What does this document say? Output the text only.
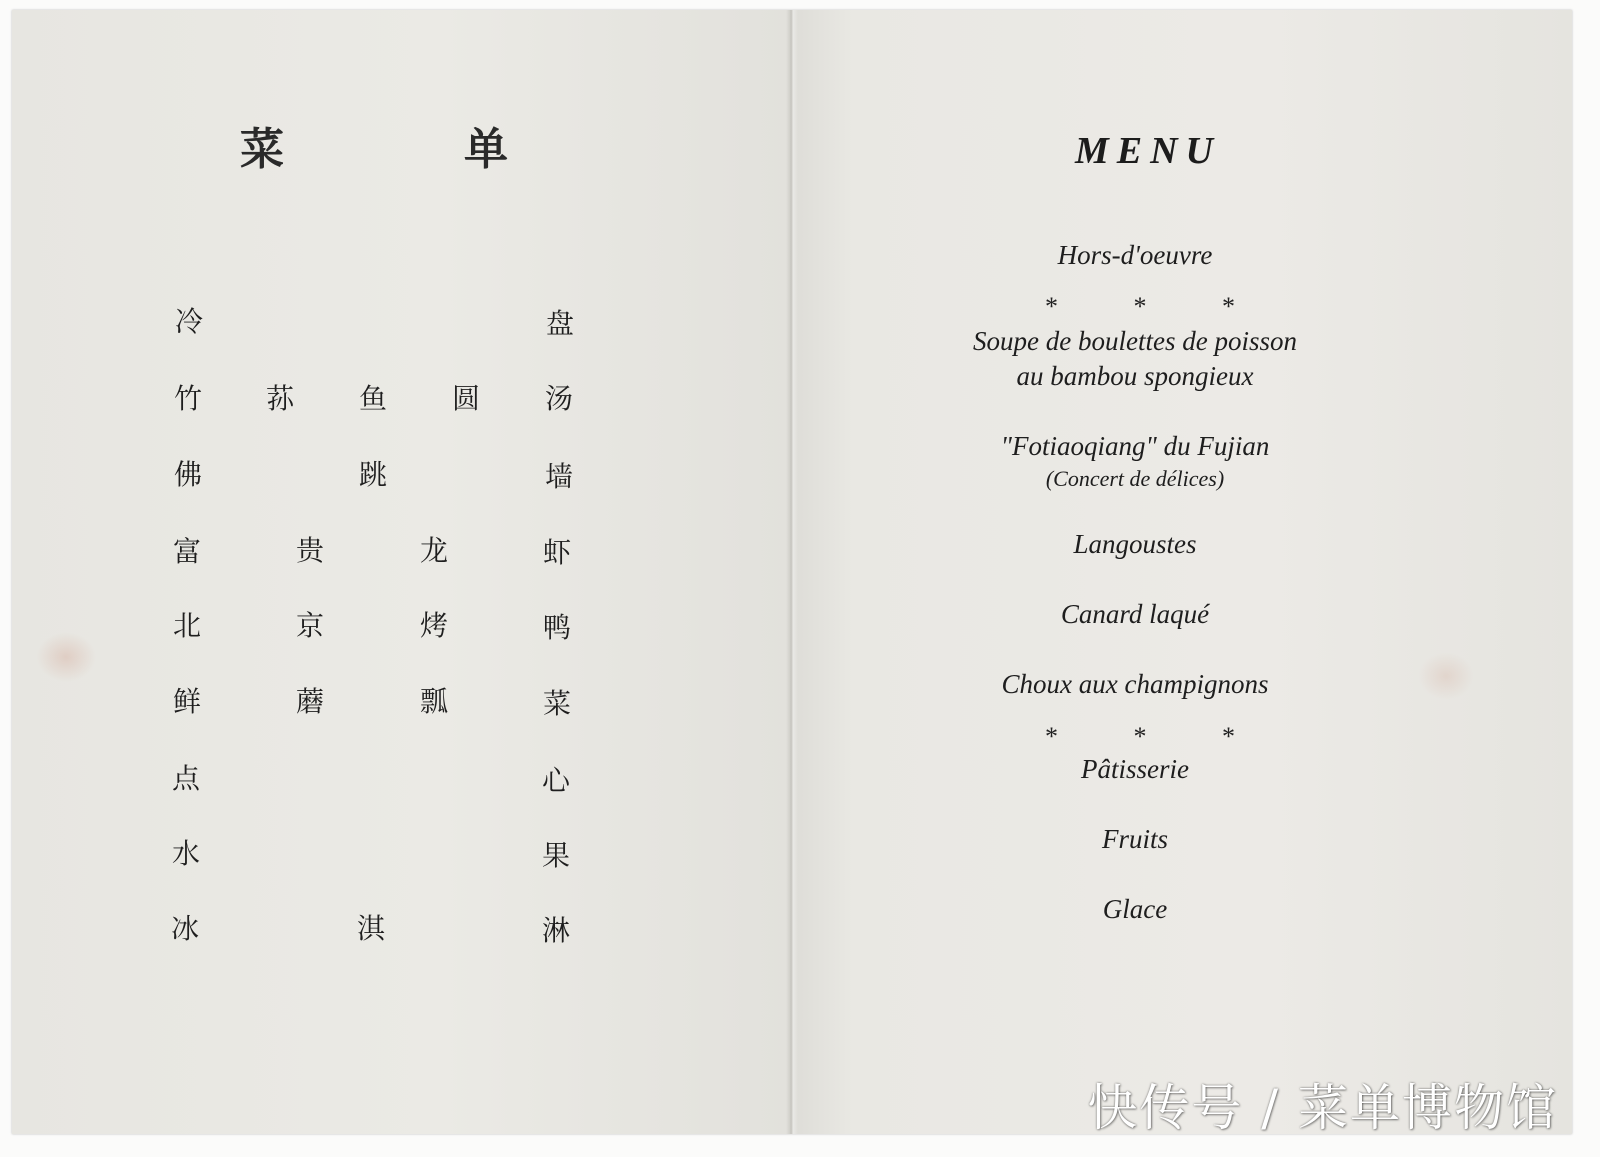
菜	单
冷	盘
竹 荪 鱼 圆 汤
佛	跳	墙
富	贵	龙	虾
北	京	烤	鸭
鲜	蘑	瓢	菜
点	心
水	果
冰	淇	淋
MENU
Hors-d'oeuvre
*	*	*
Soupe de boulettes de poisson
au bambou spongieux
"Fotiaoqiang" du Fujian
(Concert de délices)
Langoustes
Canard laqué
Choux aux champignons
*	*	*
Pâtisserie
Fruits
Glace
快传号 / 菜单博物馆
